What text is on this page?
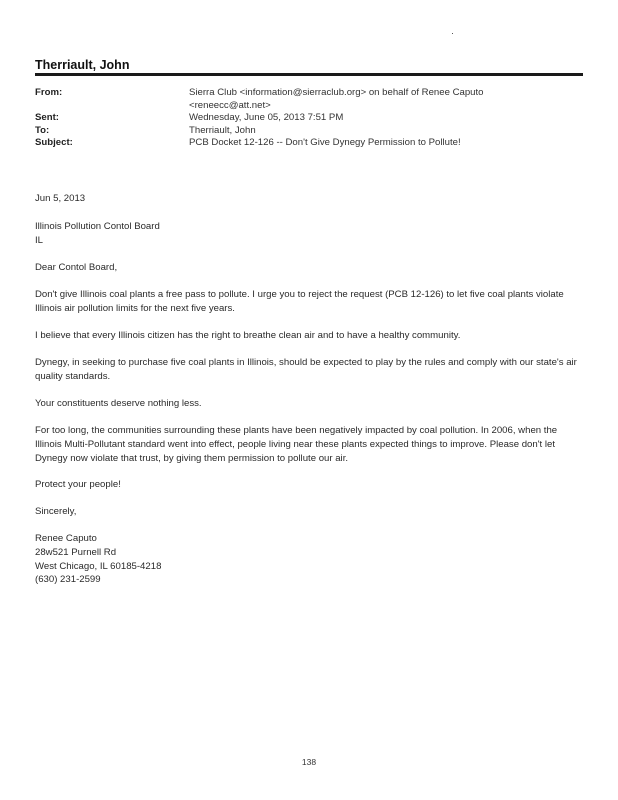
Therriault, John
From:	Sierra Club <information@sierraclub.org> on behalf of Renee Caputo <reneecc@att.net>
Sent:	Wednesday, June 05, 2013 7:51 PM
To:	Therriault, John
Subject:	PCB Docket 12-126 -- Don't Give Dynegy Permission to Pollute!
Jun 5, 2013

Illinois Pollution Contol Board

IL

Dear Contol Board,
Don't give Illinois coal plants a free pass to pollute. I urge you to reject the request (PCB 12-126) to let five coal plants violate Illinois air pollution limits for the next five years.
I believe that every Illinois citizen has the right to breathe clean air and to have a healthy community.
Dynegy, in seeking to purchase five coal plants in Illinois, should be expected to play by the rules and comply with our state's air quality standards.
Your constituents deserve nothing less.
For too long, the communities surrounding these plants have been negatively impacted by coal pollution. In 2006, when the Illinois Multi-Pollutant standard went into effect, people living near these plants expected things to improve. Please don't let Dynegy now violate that trust, by giving them permission to pollute our air.
Protect your people!
Sincerely,

Renee Caputo

28w521 Purnell Rd

West Chicago, IL 60185-4218

(630) 231-2599

138
